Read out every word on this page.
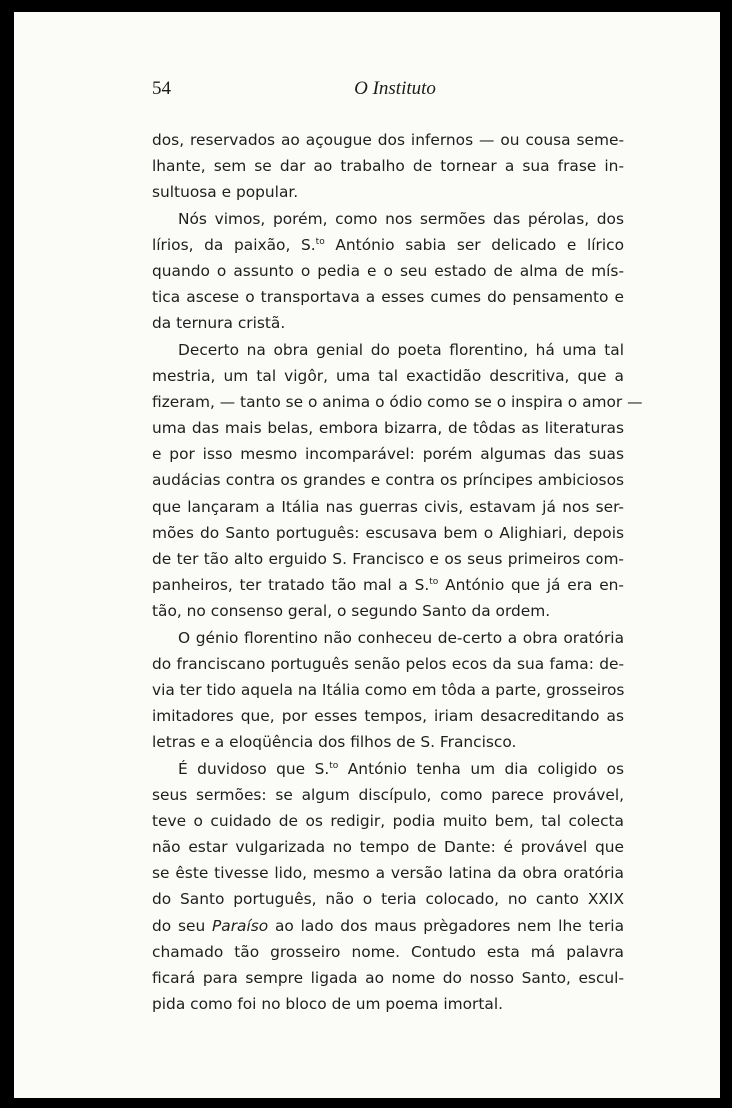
54	O Instituto
dos, reservados ao açougue dos infernos — ou cousa seme-
lhante, sem se dar ao trabalho de tornear a sua frase in-
sultuosa e popular.
Nós vimos, porém, como nos sermões das pérolas, dos
lírios, da paixão, S.$^{to}$ António sabia ser delicado e lírico
quando o assunto o pedia e o seu estado de alma de mís-
tica ascese o transportava a esses cumes do pensamento e
da ternura cristã.
Decerto na obra genial do poeta florentino, há uma tal
mestria, um tal vigôr, uma tal exactidão descritiva, que a
fizeram, — tanto se o anima o ódio como se o inspira o amor —
uma das mais belas, embora bizarra, de tôdas as literaturas
e por isso mesmo incomparável: porém algumas das suas
audácias contra os grandes e contra os príncipes ambiciosos
que lançaram a Itália nas guerras civis, estavam já nos ser-
mões do Santo português: escusava bem o Alighiari, depois
de ter tão alto erguido S. Francisco e os seus primeiros com-
panheiros, ter tratado tão mal a S.$^{to}$ António que já era en-
tão, no consenso geral, o segundo Santo da ordem.
O génio florentino não conheceu de-certo a obra oratória
do franciscano português senão pelos ecos da sua fama: de-
via ter tido aquela na Itália como em tôda a parte, grosseiros
imitadores que, por esses tempos, iriam desacreditando as
letras e a eloqüência dos filhos de S. Francisco.
É duvidoso que S.$^{to}$ António tenha um dia coligido os
seus sermões: se algum discípulo, como parece provável,
teve o cuidado de os redigir, podia muito bem, tal colecta
não estar vulgarizada no tempo de Dante: é provável que
se êste tivesse lido, mesmo a versão latina da obra oratória
do Santo português, não o teria colocado, no canto XXIX
do seu Paraíso ao lado dos maus prègadores nem lhe teria
chamado tão grosseiro nome. Contudo esta má palavra
ficará para sempre ligada ao nome do nosso Santo, escul-
pida como foi no bloco de um poema imortal.
